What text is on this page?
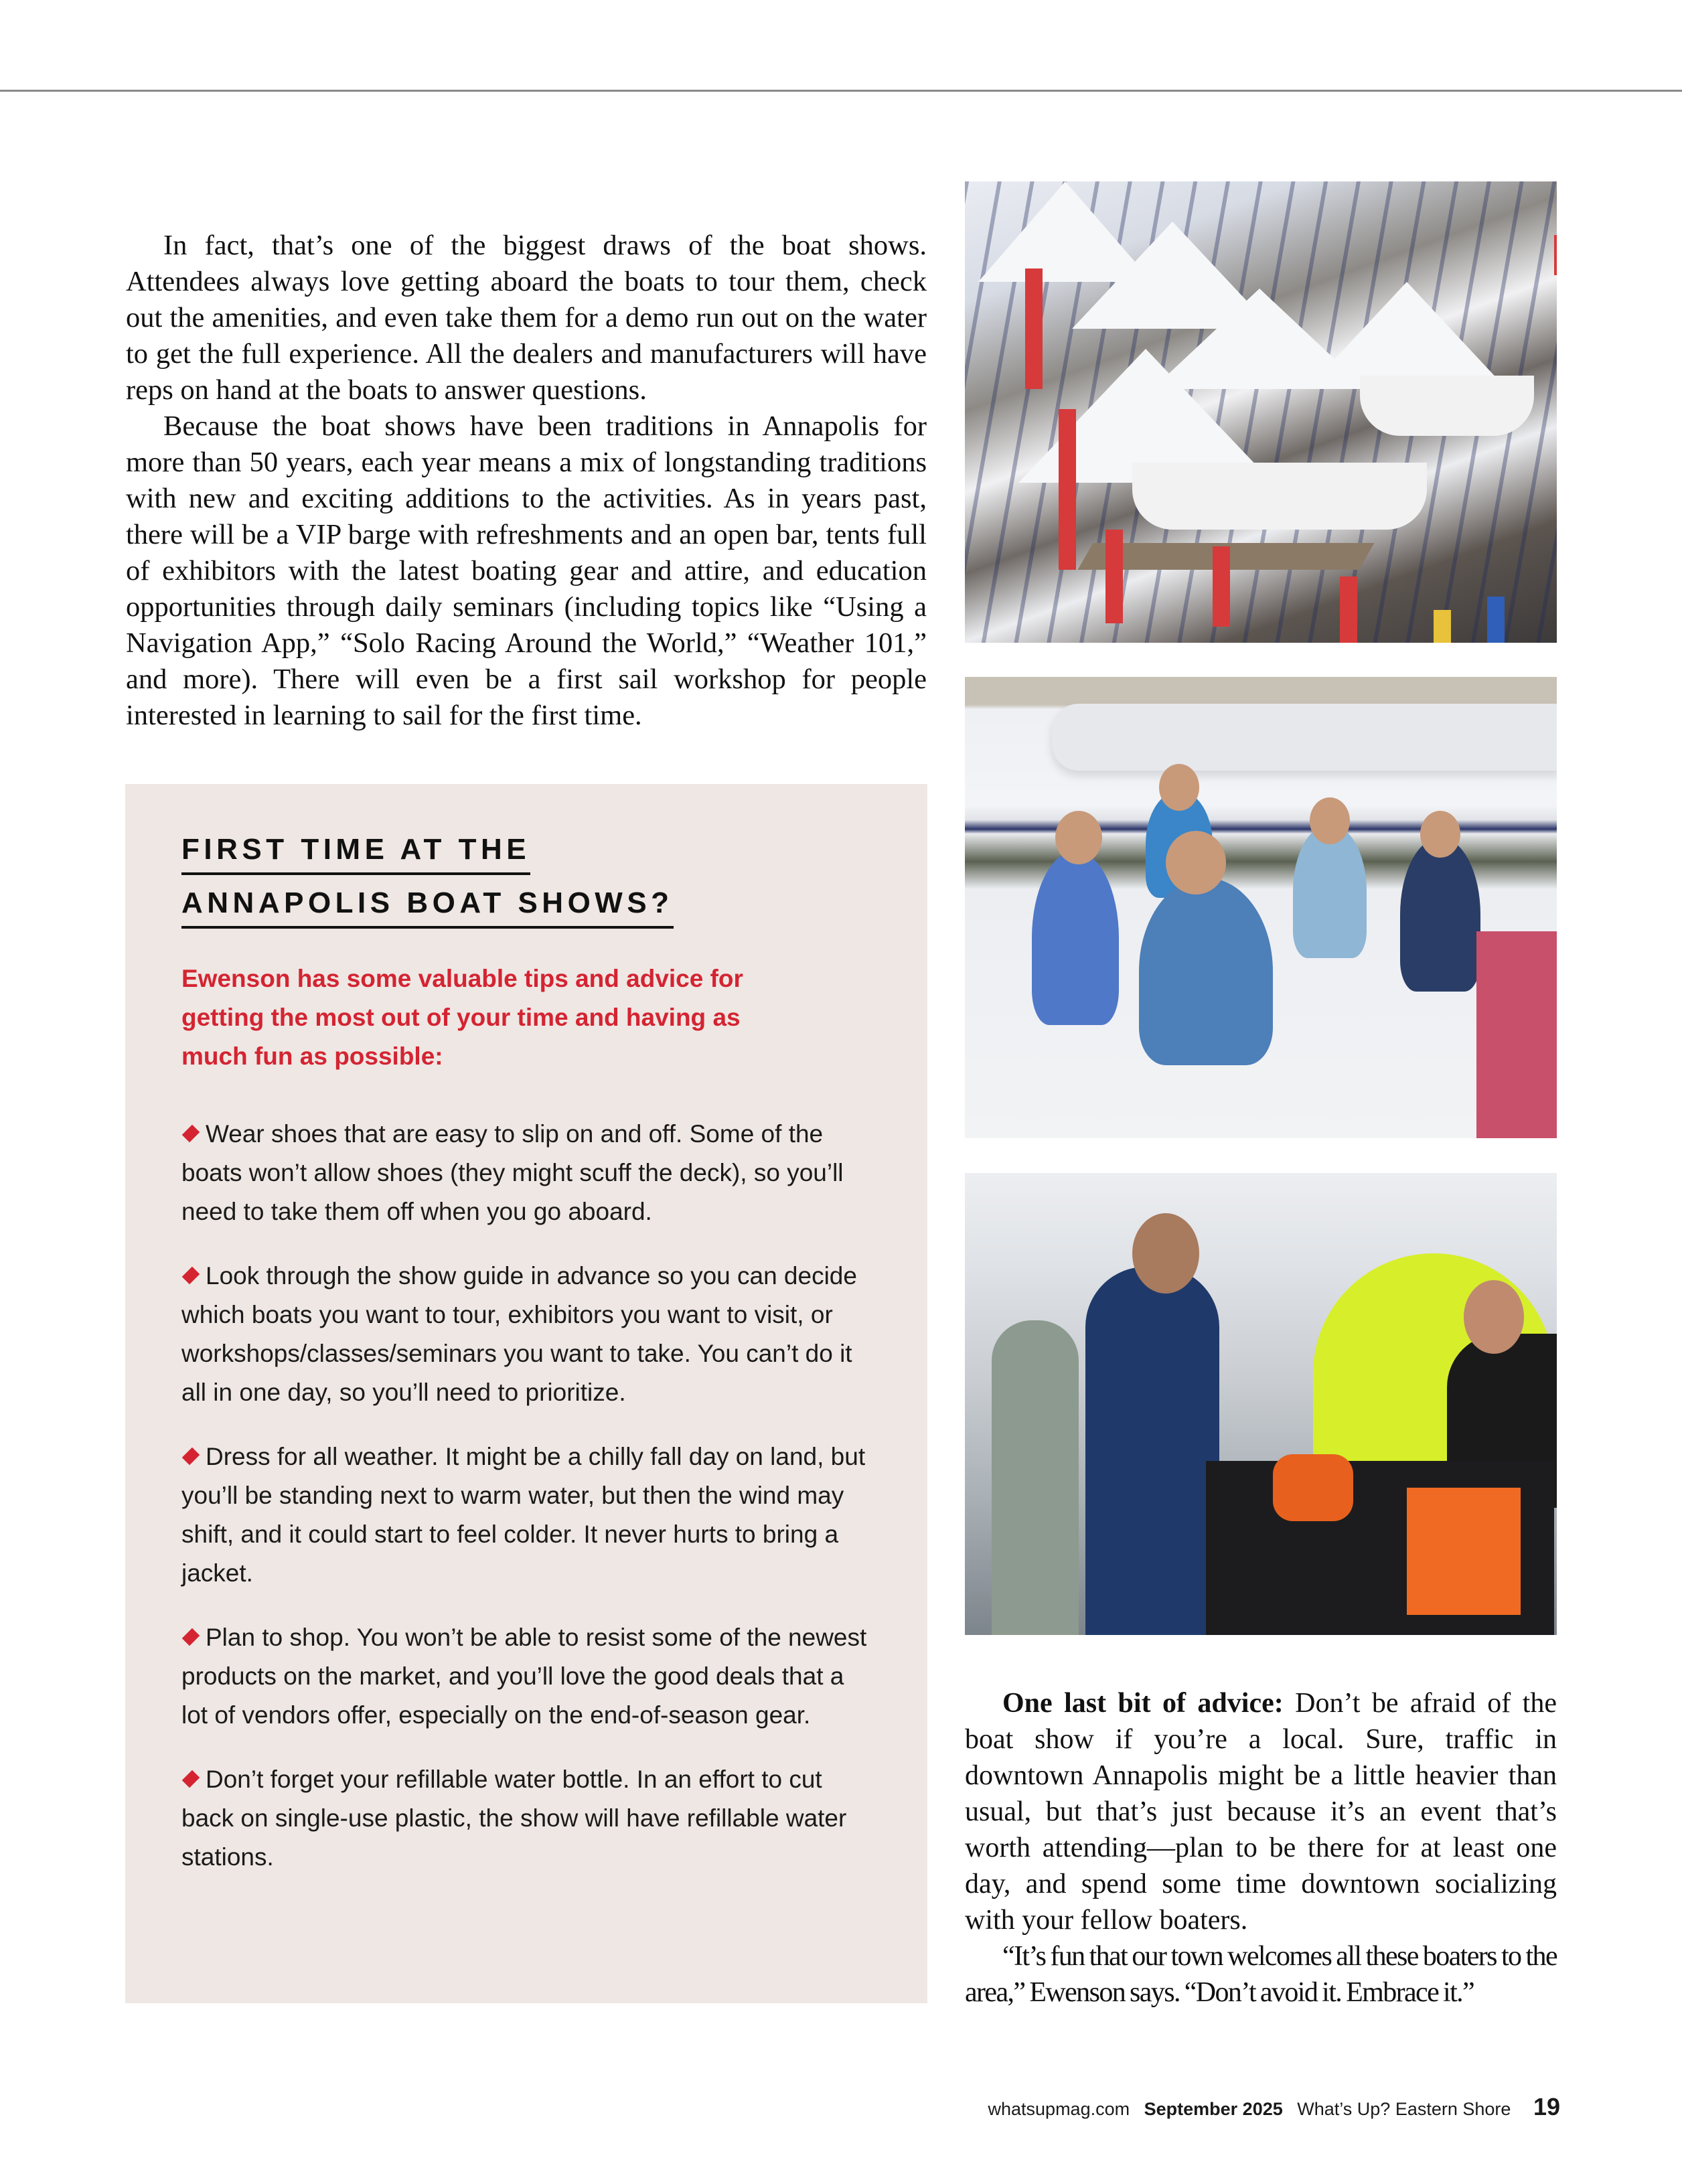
In fact, that’s one of the biggest draws of the boat shows. Attendees always love getting aboard the boats to tour them, check out the amenities, and even take them for a demo run out on the water to get the full experience. All the dealers and manufacturers will have reps on hand at the boats to answer questions.

Because the boat shows have been traditions in Annapolis for more than 50 years, each year means a mix of longstanding traditions with new and exciting additions to the activities. As in years past, there will be a VIP barge with refreshments and an open bar, tents full of exhibitors with the latest boating gear and attire, and education opportunities through daily seminars (including topics like “Using a Navigation App,” “Solo Racing Around the World,” “Weather 101,” and more). There will even be a first sail workshop for people interested in learning to sail for the first time.

FIRST TIME AT THE
ANNAPOLIS BOAT SHOWS?
Ewenson has some valuable tips and advice for getting the most out of your time and having as much fun as possible:

Wear shoes that are easy to slip on and off. Some of the boats won’t allow shoes (they might scuff the deck), so you’ll need to take them off when you go aboard.

Look through the show guide in advance so you can decide which boats you want to tour, exhibitors you want to visit, or workshops/classes/seminars you want to take. You can’t do it all in one day, so you’ll need to prioritize.

Dress for all weather. It might be a chilly fall day on land, but you’ll be standing next to warm water, but then the wind may shift, and it could start to feel colder. It never hurts to bring a jacket.

Plan to shop. You won’t be able to resist some of the newest products on the market, and you’ll love the good deals that a lot of vendors offer, especially on the end-of-season gear.

Don’t forget your refillable water bottle. In an effort to cut back on single-use plastic, the show will have refillable water stations.

One last bit of advice: Don’t be afraid of the boat show if you’re a local. Sure, traffic in downtown Annapolis might be a little heavier than usual, but that’s just because it’s an event that’s worth attending—plan to be there for at least one day, and spend some time downtown socializing with your fellow boaters.

“It’s fun that our town welcomes all these boaters to the area,” Ewenson says. “Don’t avoid it. Embrace it.”

whatsupmag.com September 2025 What’s Up? Eastern Shore 19
